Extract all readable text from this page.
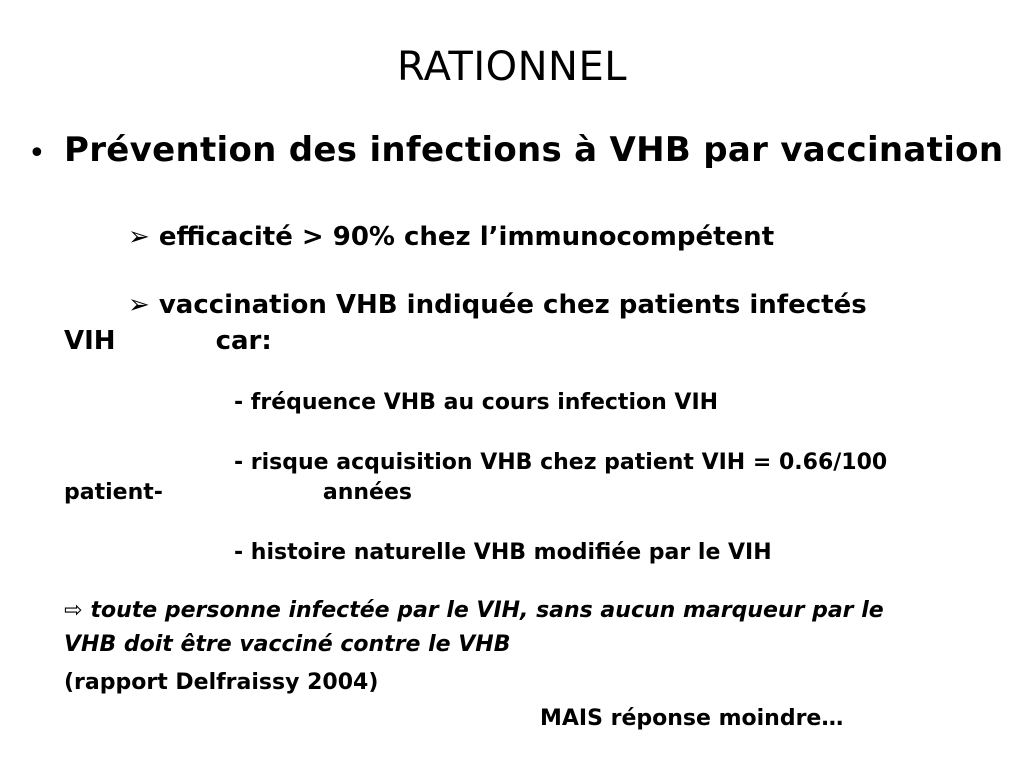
RATIONNEL
• Prévention des infections à VHB par vaccination
➢ efficacité > 90% chez l’immunocompétent
➢ vaccination VHB indiquée chez patients infectés
VIH	car:
- fréquence VHB au cours infection VIH
- risque acquisition VHB chez patient VIH = 0.66/100
patient-	années
- histoire naturelle VHB modifiée par le VIH
⇨ toute personne infectée par le VIH, sans aucun marqueur par le
VHB doit être vacciné contre le VHB
(rapport Delfraissy 2004)
MAIS réponse moindre…
